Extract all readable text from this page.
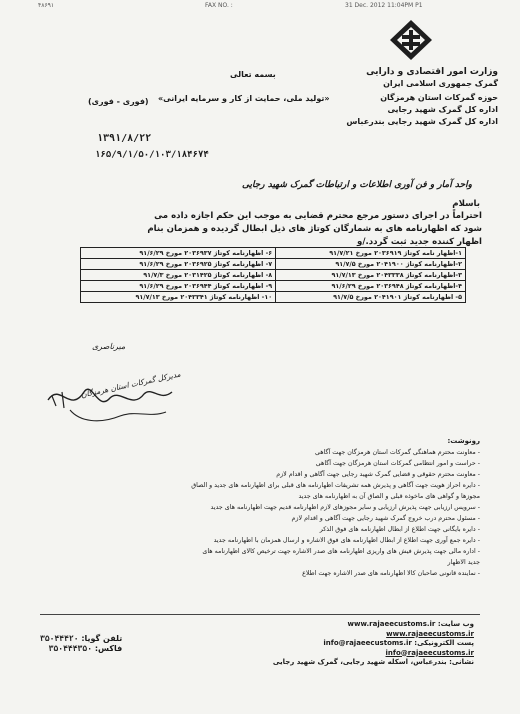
۴۸۶۹۱	FAX NO. :	31 Dec. 2012 11:04PM P1
وزارت امور اقتصادی و دارایی
گمرک جمهوری اسلامی ایران
حوزه گمرکات استان هرمزگان
اداره کل گمرک شهید رجایی
اداره کل گمرک شهید رجایی بندرعباس
بسمه تعالی
«تولید ملی، حمایت از کار و سرمایه ایرانی»
(فوری - فوری)
۱۳۹۱/۸/۲۲
۱۶۵/۹/۱/۵۰/۱۰۳/۱۸۴۶۷۴
واحد آمار و فن آوری اطلاعات و ارتباطات گمرک شهید رجایی
باسلام
احتراماً در اجرای دستور مرجع محترم قضایی به موجب این حکم اجازه داده می
شود که اظهارنامه های به شمارگان کوتاژ های ذیل ابطال گردیده و همزمان بنام
اظهار کننده جدید ثبت گردد./و
۱-اظهار نامه کوتاژ ۲۰۳۶۹۱۹ مورخ ۹۱/۷/۲۱	۶- اظهارنامه کوتاژ ۲۰۳۶۹۳۷ مورخ ۹۱/۶/۲۹
۲-اظهارنامه کوتاژ ۲۰۴۱۹۰۰ مورخ ۹۱/۷/۵	۷- اظهارنامه کوتاژ ۲۰۳۶۹۲۵ مورخ ۹۱/۶/۲۹
۳-اظهارنامه کوتاژ ۲۰۴۳۳۳۸ مورخ ۹۱/۷/۱۳	۸- اظهارنامه کوتاژ ۲۰۳۱۴۲۵ مورخ ۹۱/۷/۳
۴-اظهارنامه کوتاژ ۲۰۳۶۹۴۸ مورخ ۹۱/۶/۲۹	۹- اظهارنامه کوتاژ ۲۰۳۶۹۴۴ مورخ ۹۱/۶/۲۹
۵- اظهارنامه کوتاژ ۲۰۴۱۹۰۱ مورخ ۹۱/۷/۵	۱۰- اظهارنامه کوتاژ ۲۰۴۳۳۴۱ مورخ ۹۱/۷/۱۳
میرناصری
مدیرکل گمرکات استان هرمزگان
رونوشت:
- معاونت محترم هماهنگی گمرکات استان هرمزگان جهت آگاهی
- حراست و امور انتظامی گمرکات استان هرمزگان جهت آگاهی
- معاونت محترم حقوقی و قضایی گمرک شهید رجایی جهت آگاهی و اقدام لازم
- دایره احراز هویت جهت آگاهی و پذیرش همه تشریفات اظهارنامه های قبلی برای اظهارنامه های جدید و الصاق
مجوزها و گواهی های ماخوذه قبلی و الصاق آن به اظهارنامه های جدید
- سرویس ارزیابی جهت پذیرش ارزیابی و سایر مجوزهای لازم اظهارنامه قدیم جهت اظهارنامه های جدید
- مسئول محترم درب خروج گمرک شهید رجایی جهت آگاهی و اقدام لازم
- دایره بایگانی جهت اطلاع از ابطال اظهارنامه های فوق الذکر
- دایره جمع آوری جهت اطلاع از ابطال اظهارنامه های فوق الاشاره و ارسال همزمان با اظهارنامه جدید
- اداره مالی جهت پذیرش فیش های واریزی اظهارنامه های صدر الاشاره جهت ترخیص کالای اظهارنامه های
جدید الاظهار
- نماینده قانونی صاحبان کالا اظهارنامه های صدر الاشاره جهت اطلاع
وب سایت: www.rajaeecustoms.ir
www.rajaeecustoms.ir
پست الکترونیکی: info@rajaeecustoms.ir
info@rajaeecustoms.ir
نشانی: بندرعباس، اسکله شهید رجایی، گمرک شهید رجایی
تلفن گویا: ۳۵۰۴۴۴۲۰
فاکس: ۳۵۰۴۴۴۳۵۰
